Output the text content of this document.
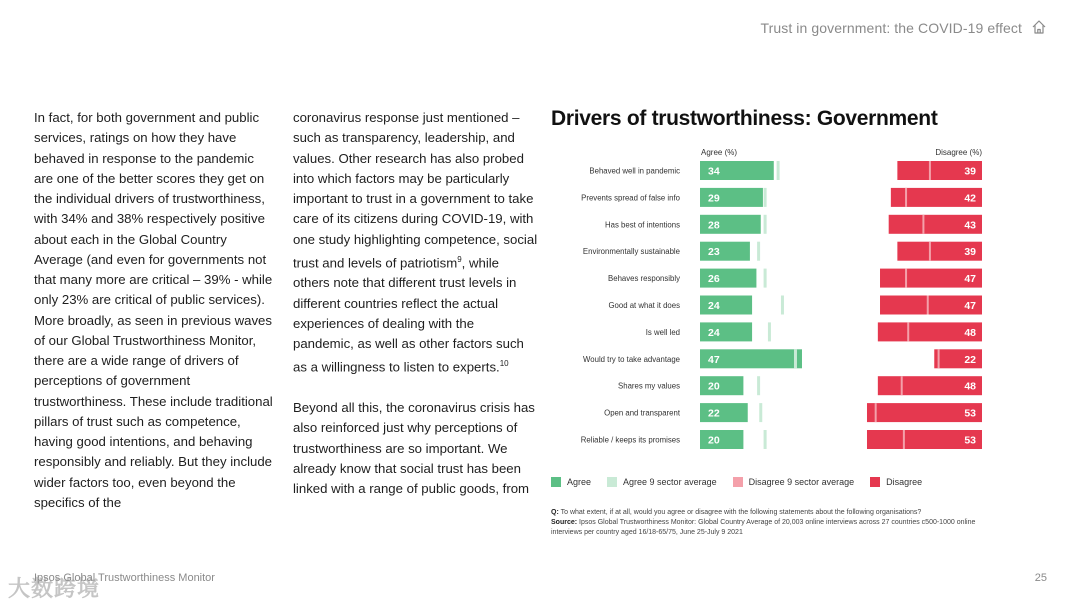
Trust in government: the COVID-19 effect

In fact, for both government and public services, ratings on how they have behaved in response to the pandemic are one of the better scores they get on the individual drivers of trustworthiness, with 34% and 38% respectively positive about each in the Global Country Average (and even for governments not that many more are critical – 39% - while only 23% are critical of public services). More broadly, as seen in previous waves of our Global Trustworthiness Monitor, there are a wide range of drivers of perceptions of government trustworthiness. These include traditional pillars of trust such as competence, having good intentions, and behaving responsibly and reliably. But they include wider factors too, even beyond the specifics of the

coronavirus response just mentioned – such as transparency, leadership, and values. Other research has also probed into which factors may be particularly important to trust in a government to take care of its citizens during COVID-19, with one study highlighting competence, social trust and levels of patriotism$^9$, while others note that different trust levels in different countries reflect the actual experiences of dealing with the pandemic, as well as other factors such as a willingness to listen to experts.$^{10}$

Beyond all this, the coronavirus crisis has also reinforced just why perceptions of trustworthiness are so important. We already know that social trust has been linked with a range of public goods, from

Drivers of trustworthiness: Government
Agree (%)	Disagree (%)
Behaved well in pandemic	34	39
Prevents spread of false info	29	42
Has best of intentions	28	43
Environmentally sustainable	23	39
Behaves responsibly	26	47
Good at what it does	24	47
Is well led	24	48
Would try to take advantage	47	22
Shares my values	20	48
Open and transparent	22	53
Reliable / keeps its promises	20	53
Agree	Agree 9 sector average	Disagree 9 sector average	Disagree
Q: To what extent, if at all, would you agree or disagree with the following statements about the following organisations?
Source: Ipsos Global Trustworthiness Monitor: Global Country Average of 20,003 online interviews across 27 countries c500-1000 online interviews per country aged 16/18-65/75, June 25-July 9 2021
Ipsos Global Trustworthiness Monitor	25
大数跨境
